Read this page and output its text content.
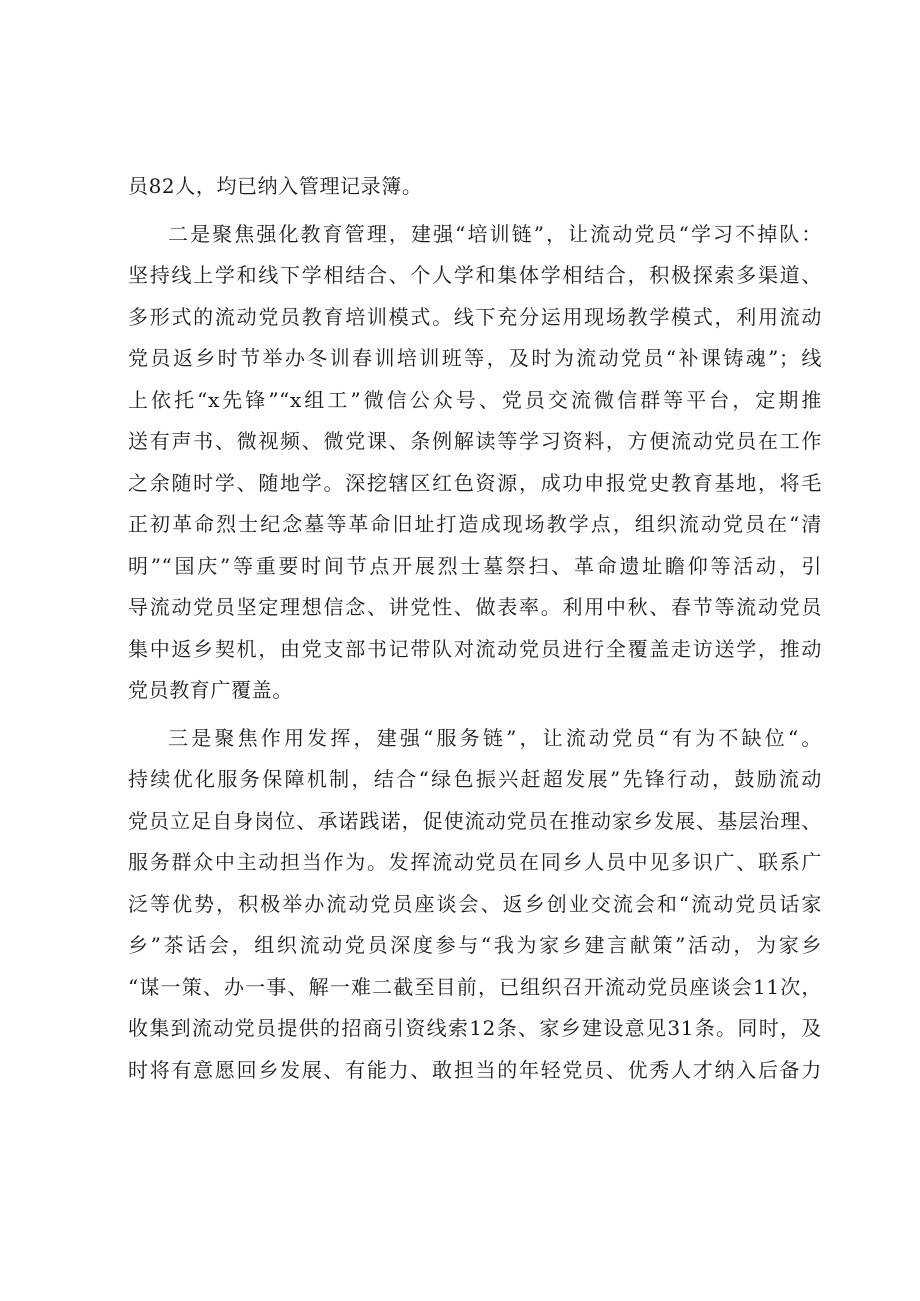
员82人，均已纳入管理记录簿。
二是聚焦强化教育管理，建强“培训链”，让流动党员“学习不掉队：
坚持线上学和线下学相结合、个人学和集体学相结合，积极探索多渠道、
多形式的流动党员教育培训模式。线下充分运用现场教学模式，利用流动
党员返乡时节举办冬训春训培训班等，及时为流动党员“补课铸魂”；线
上依托“x先锋”“x组工”微信公众号、党员交流微信群等平台，定期推
送有声书、微视频、微党课、条例解读等学习资料，方便流动党员在工作
之余随时学、随地学。深挖辖区红色资源，成功申报党史教育基地，将毛
正初革命烈士纪念墓等革命旧址打造成现场教学点，组织流动党员在“清
明”“国庆”等重要时间节点开展烈士墓祭扫、革命遗址瞻仰等活动，引
导流动党员坚定理想信念、讲党性、做表率。利用中秋、春节等流动党员
集中返乡契机，由党支部书记带队对流动党员进行全覆盖走访送学，推动
党员教育广覆盖。
三是聚焦作用发挥，建强“服务链”，让流动党员“有为不缺位“。
持续优化服务保障机制，结合“绿色振兴赶超发展”先锋行动，鼓励流动
党员立足自身岗位、承诺践诺，促使流动党员在推动家乡发展、基层治理、
服务群众中主动担当作为。发挥流动党员在同乡人员中见多识广、联系广
泛等优势，积极举办流动党员座谈会、返乡创业交流会和“流动党员话家
乡”茶话会，组织流动党员深度参与“我为家乡建言献策”活动，为家乡
“谋一策、办一事、解一难二截至目前，已组织召开流动党员座谈会11次，
收集到流动党员提供的招商引资线索12条、家乡建设意见31条。同时，及
时将有意愿回乡发展、有能力、敢担当的年轻党员、优秀人才纳入后备力
